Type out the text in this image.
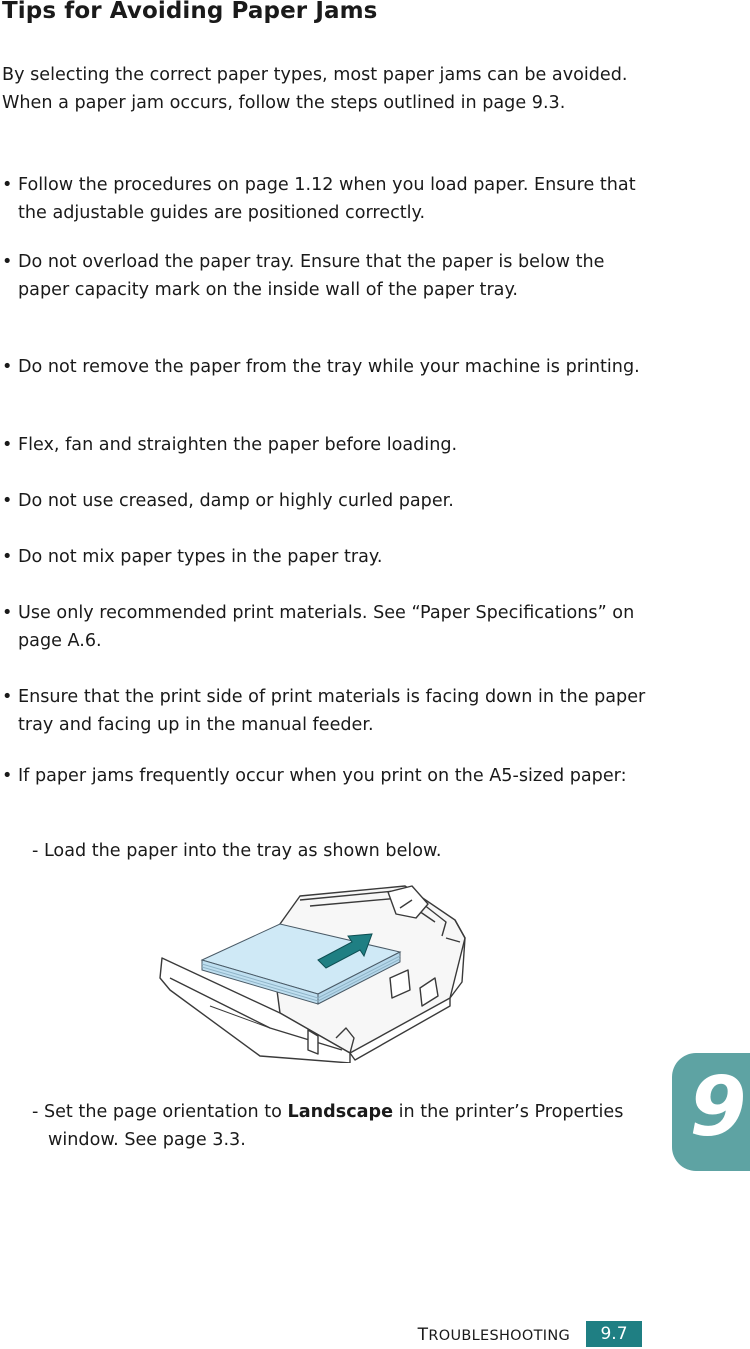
Tips for Avoiding Paper Jams

By selecting the correct paper types, most paper jams can be avoided. When a paper jam occurs, follow the steps outlined in page 9.3.

• Follow the procedures on page 1.12 when you load paper. Ensure that the adjustable guides are positioned correctly.

• Do not overload the paper tray. Ensure that the paper is below the paper capacity mark on the inside wall of the paper tray.

• Do not remove the paper from the tray while your machine is printing.

• Flex, fan and straighten the paper before loading.

• Do not use creased, damp or highly curled paper.

• Do not mix paper types in the paper tray.

• Use only recommended print materials. See “Paper Specifications” on page A.6.

• Ensure that the print side of print materials is facing down in the paper tray and facing up in the manual feeder.

• If paper jams frequently occur when you print on the A5-sized paper:

- Load the paper into the tray as shown below.

- Set the page orientation to Landscape in the printer’s Properties window. See page 3.3.	9
TROUBLESHOOTING	9.7
